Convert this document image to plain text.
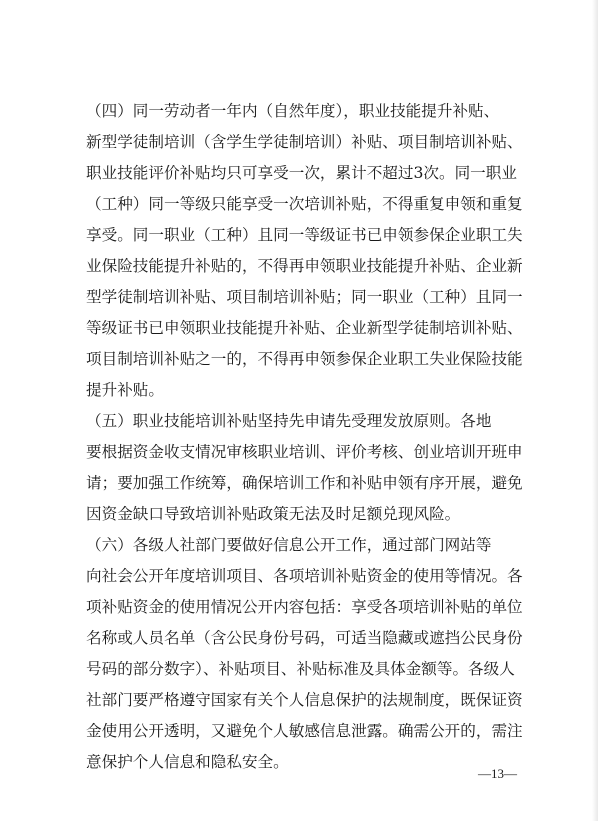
（四）同一劳动者一年内（自然年度），职业技能提升补贴、
新型学徒制培训（含学生学徒制培训）补贴、项目制培训补贴、
职业技能评价补贴均只可享受一次，累计不超过3次。同一职业
（工种）同一等级只能享受一次培训补贴，不得重复申领和重复
享受。同一职业（工种）且同一等级证书已申领参保企业职工失
业保险技能提升补贴的，不得再申领职业技能提升补贴、企业新
型学徒制培训补贴、项目制培训补贴；同一职业（工种）且同一
等级证书已申领职业技能提升补贴、企业新型学徒制培训补贴、
项目制培训补贴之一的，不得再申领参保企业职工失业保险技能
提升补贴。
（五）职业技能培训补贴坚持先申请先受理发放原则。各地
要根据资金收支情况审核职业培训、评价考核、创业培训开班申
请；要加强工作统筹，确保培训工作和补贴申领有序开展，避免
因资金缺口导致培训补贴政策无法及时足额兑现风险。
（六）各级人社部门要做好信息公开工作，通过部门网站等
向社会公开年度培训项目、各项培训补贴资金的使用等情况。各
项补贴资金的使用情况公开内容包括：享受各项培训补贴的单位
名称或人员名单（含公民身份号码，可适当隐藏或遮挡公民身份
号码的部分数字）、补贴项目、补贴标准及具体金额等。各级人
社部门要严格遵守国家有关个人信息保护的法规制度，既保证资
金使用公开透明，又避免个人敏感信息泄露。确需公开的，需注
意保护个人信息和隐私安全。
—13—
